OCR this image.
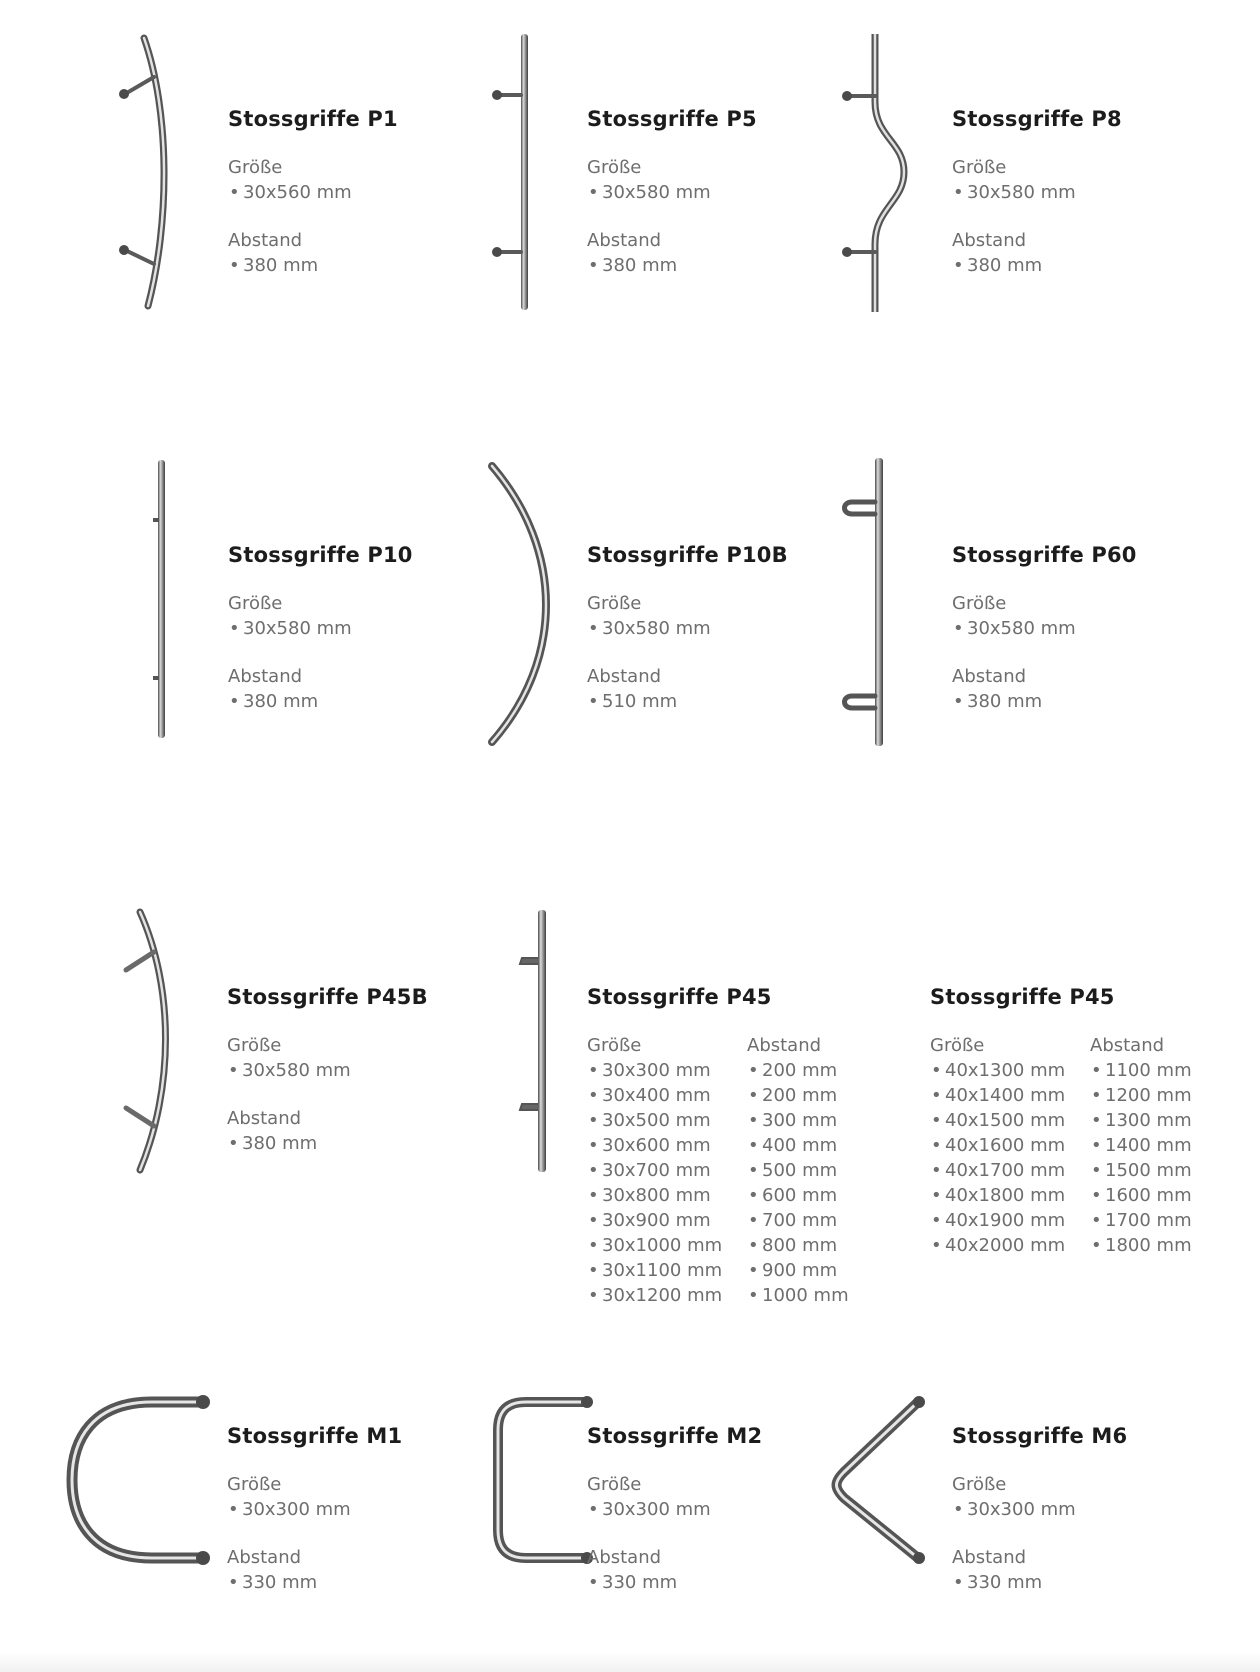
Stossgriffe P1
Größe
• 30x560 mm
Abstand
• 380 mm
Stossgriffe P5
Größe
• 30x580 mm
Abstand
• 380 mm
Stossgriffe P8
Größe
• 30x580 mm
Abstand
• 380 mm
Stossgriffe P10
Größe
• 30x580 mm
Abstand
• 380 mm
Stossgriffe P10B
Größe
• 30x580 mm
Abstand
• 510 mm
Stossgriffe P60
Größe
• 30x580 mm
Abstand
• 380 mm
Stossgriffe P45B
Größe
• 30x580 mm
Abstand
• 380 mm
Stossgriffe P45
Größe
• 30x300 mm
• 30x400 mm
• 30x500 mm
• 30x600 mm
• 30x700 mm
• 30x800 mm
• 30x900 mm
• 30x1000 mm
• 30x1100 mm
• 30x1200 mm
Abstand
• 200 mm
• 200 mm
• 300 mm
• 400 mm
• 500 mm
• 600 mm
• 700 mm
• 800 mm
• 900 mm
• 1000 mm
Stossgriffe P45
Größe
• 40x1300 mm
• 40x1400 mm
• 40x1500 mm
• 40x1600 mm
• 40x1700 mm
• 40x1800 mm
• 40x1900 mm
• 40x2000 mm
Abstand
• 1100 mm
• 1200 mm
• 1300 mm
• 1400 mm
• 1500 mm
• 1600 mm
• 1700 mm
• 1800 mm
Stossgriffe M1
Größe
• 30x300 mm
Abstand
• 330 mm
Stossgriffe M2
Größe
• 30x300 mm
Abstand
• 330 mm
Stossgriffe M6
Größe
• 30x300 mm
Abstand
• 330 mm
